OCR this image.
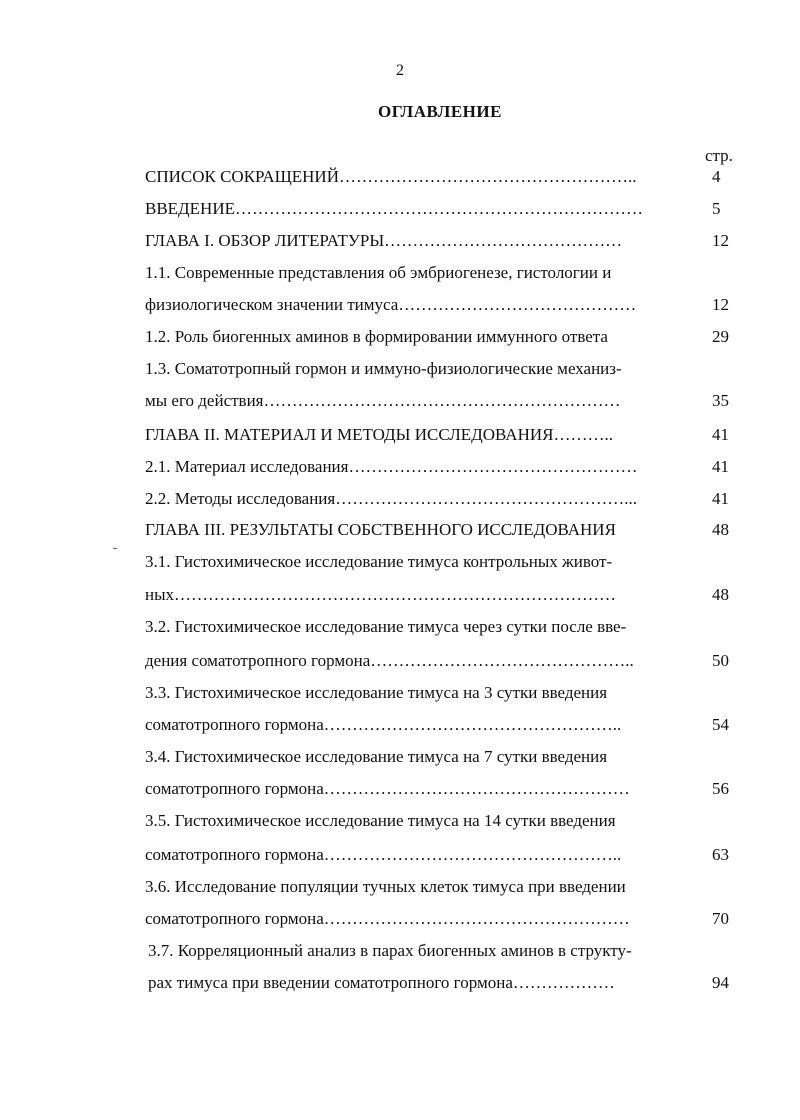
2
ОГЛАВЛЕНИЕ
стр.
СПИСОК СОКРАЩЕНИЙ……………………………………………..	4
ВВЕДЕНИЕ………………………………………………………………	5
ГЛАВА I. ОБЗОР ЛИТЕРАТУРЫ……………………………………	12
1.1. Современные представления об эмбриогенезе, гистологии и
физиологическом значении тимуса……………………………………	12
1.2. Роль биогенных аминов в формировании иммунного ответа	29
1.3. Соматотропный гормон и иммуно-физиологические механиз-
мы его действия………………………………………………………	35
ГЛАВА II. МАТЕРИАЛ И МЕТОДЫ ИССЛЕДОВАНИЯ………..	41
2.1. Материал исследования……………………………………………	41
2.2. Методы исследования……………………………………………...	41
ГЛАВА III. РЕЗУЛЬТАТЫ СОБСТВЕННОГО ИССЛЕДОВАНИЯ	48
3.1. Гистохимическое исследование тимуса контрольных живот-
ных……………………………………………………………………	48
3.2. Гистохимическое исследование тимуса через сутки после вве-
дения соматотропного гормона………………………………………..	50
3.3. Гистохимическое исследование тимуса на 3 сутки введения
соматотропного гормона……………………………………………..	54
3.4. Гистохимическое исследование тимуса на 7 сутки введения
соматотропного гормона………………………………………………	56
3.5. Гистохимическое исследование тимуса на 14 сутки введения
соматотропного гормона……………………………………………..	63
3.6. Исследование популяции тучных клеток тимуса при введении
соматотропного гормона………………………………………………	70
3.7. Корреляционный анализ в парах биогенных аминов в структу-
рах тимуса при введении соматотропного гормона………………	94
